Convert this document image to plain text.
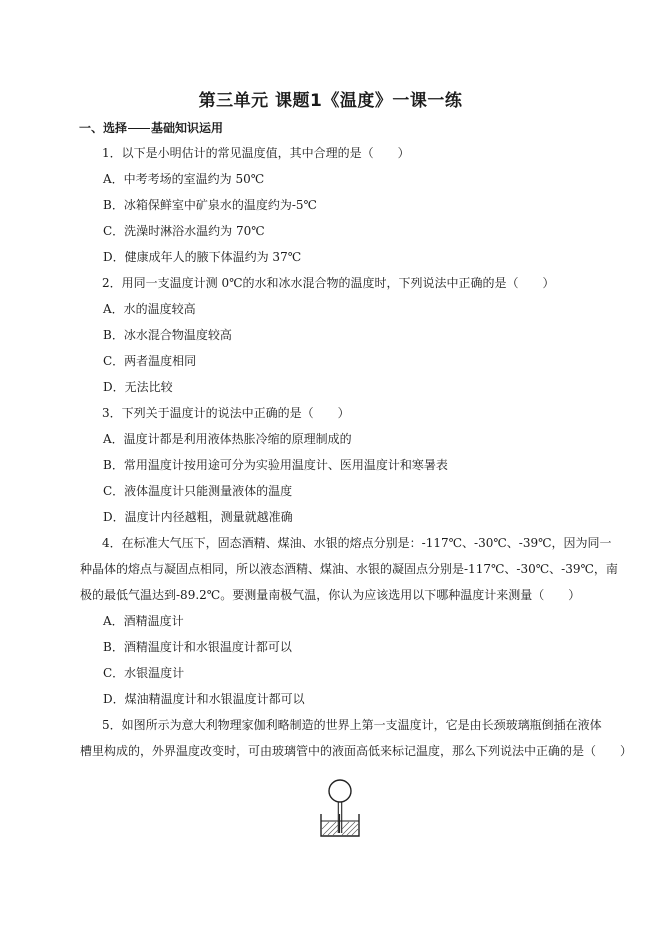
第三单元 课题1《温度》一课一练
一、选择 基础知识运用
1．以下是小明估计的常见温度值，其中合理的是（　　）
A．中考考场的室温约为 50℃
B．冰箱保鲜室中矿泉水的温度约为-5℃
C．洗澡时淋浴水温约为 70℃
D．健康成年人的腋下体温约为 37℃
2．用同一支温度计测 0℃的水和冰水混合物的温度时，下列说法中正确的是（　　）
A．水的温度较高
B．冰水混合物温度较高
C．两者温度相同
D．无法比较
3．下列关于温度计的说法中正确的是（　　）
A．温度计都是利用液体热胀冷缩的原理制成的
B．常用温度计按用途可分为实验用温度计、医用温度计和寒暑表
C．液体温度计只能测量液体的温度
D．温度计内径越粗，测量就越准确
4．在标准大气压下，固态酒精、煤油、水银的熔点分别是：-117℃、-30℃、-39℃，因为同一
种晶体的熔点与凝固点相同，所以液态酒精、煤油、水银的凝固点分别是-117℃、-30℃、-39℃，南
极的最低气温达到-89.2℃。要测量南极气温，你认为应该选用以下哪种温度计来测量（　　）
A．酒精温度计
B．酒精温度计和水银温度计都可以
C．水银温度计
D．煤油精温度计和水银温度计都可以
5．如图所示为意大利物理家伽利略制造的世界上第一支温度计，它是由长颈玻璃瓶倒插在液体
槽里构成的，外界温度改变时，可由玻璃管中的液面高低来标记温度，那么下列说法中正确的是（　　）
